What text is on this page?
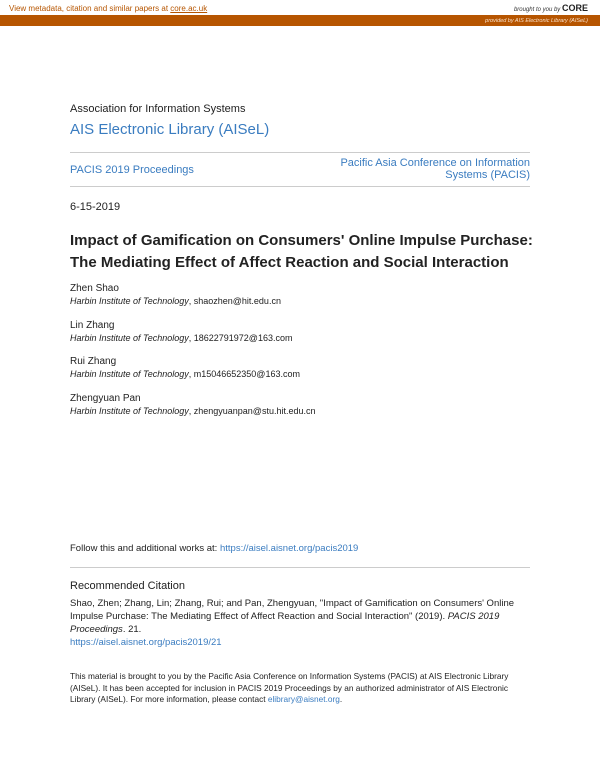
View metadata, citation and similar papers at core.ac.uk	brought to you by CORE
provided by AIS Electronic Library (AISeL)
Association for Information Systems
AIS Electronic Library (AISeL)
PACIS 2019 Proceedings
Pacific Asia Conference on Information Systems (PACIS)
6-15-2019
Impact of Gamification on Consumers' Online Impulse Purchase:
The Mediating Effect of Affect Reaction and Social Interaction
Zhen Shao
Harbin Institute of Technology, shaozhen@hit.edu.cn
Lin Zhang
Harbin Institute of Technology, 18622791972@163.com
Rui Zhang
Harbin Institute of Technology, m15046652350@163.com
Zhengyuan Pan
Harbin Institute of Technology, zhengyuanpan@stu.hit.edu.cn
Follow this and additional works at: https://aisel.aisnet.org/pacis2019
Recommended Citation
Shao, Zhen; Zhang, Lin; Zhang, Rui; and Pan, Zhengyuan, "Impact of Gamification on Consumers' Online Impulse Purchase: The Mediating Effect of Affect Reaction and Social Interaction" (2019). PACIS 2019 Proceedings. 21.
https://aisel.aisnet.org/pacis2019/21
This material is brought to you by the Pacific Asia Conference on Information Systems (PACIS) at AIS Electronic Library (AISeL). It has been accepted for inclusion in PACIS 2019 Proceedings by an authorized administrator of AIS Electronic Library (AISeL). For more information, please contact elibrary@aisnet.org.
